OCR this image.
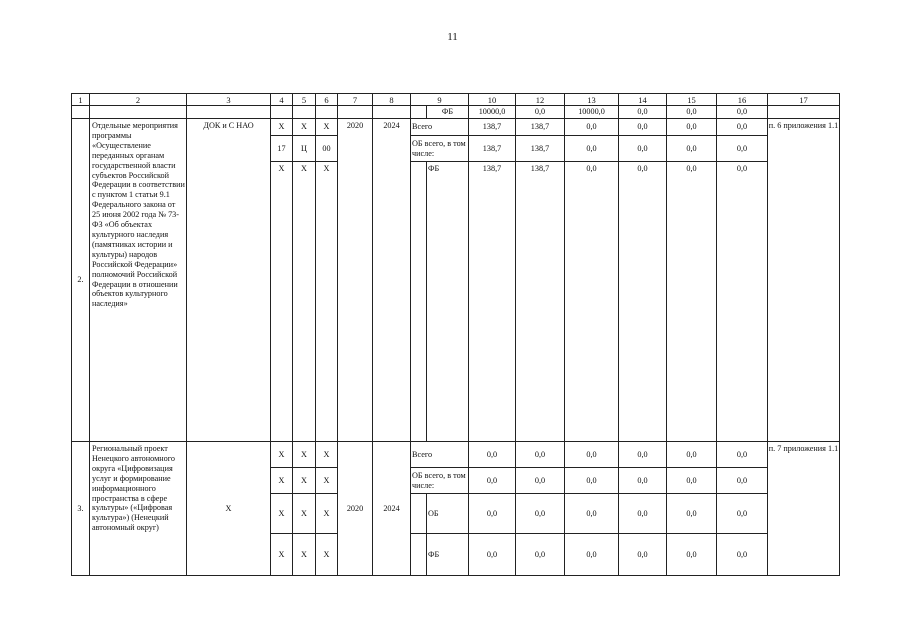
11
1	2	3	4	5	6	7	8	9		10	12	13	14	15	16	17
									ФБ	10000,0	0,0	10000,0	0,0	0,0	0,0	
2.	Отдельные мероприятия программы «Осуществление переданных органам государственной власти субъектов Российской Федерации в соответствии с пунктом 1 статьи 9.1 Федерального закона от 25 июня 2002 года № 73-ФЗ «Об объектах культурного наследия (памятниках истории и культуры) народов Российской Федерации» полномочий Российской Федерации в отношении объектов культурного наследия»	ДОК и С НАО	Х	Х	Х	2020	2024	Всего		138,7	138,7	0,0	0,0	0,0	0,0	п. 6 приложения 1.1
			17	Ц	00			ОБ всего, в том числе:		138,7	138,7	0,0	0,0	0,0	0,0	
			Х	Х	Х				ФБ	138,7	138,7	0,0	0,0	0,0	0,0	
3.	Региональный проект Ненецкого автономного округа «Цифровизация услуг и формирование информационного пространства в сфере культуры» («Цифровая культура») (Ненецкий автономный округ)	Х	Х	Х	Х	2020	2024	Всего		0,0	0,0	0,0	0,0	0,0	0,0	п. 7 приложения 1.1
			Х	Х	Х			ОБ всего, в том числе:		0,0	0,0	0,0	0,0	0,0	0,0	
			Х	Х	Х				ОБ	0,0	0,0	0,0	0,0	0,0	0,0	
			Х	Х	Х				ФБ	0,0	0,0	0,0	0,0	0,0	0,0	
